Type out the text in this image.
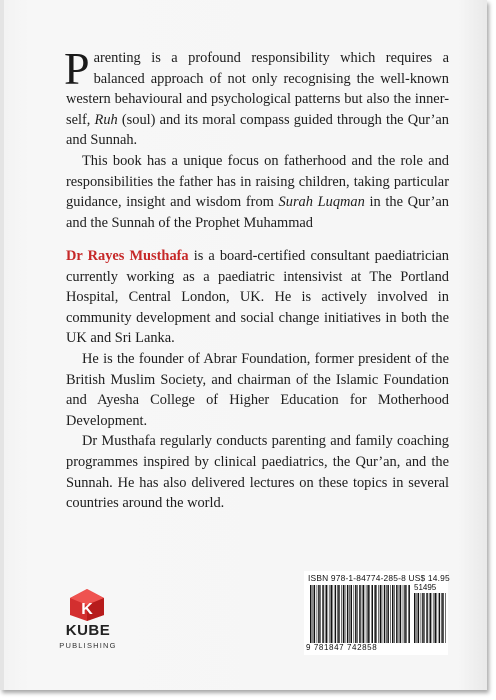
Parenting is a profound responsibility which requires a balanced approach of not only recognising the well-known western behavioural and psychological patterns but also the inner-self, Ruh (soul) and its moral compass guided through the Qur’an and Sunnah.

This book has a unique focus on fatherhood and the role and responsibilities the father has in raising children, taking particular guidance, insight and wisdom from Surah Luqman in the Qur’an and the Sunnah of the Prophet Muhammad

Dr Rayes Musthafa is a board-certified consultant paediatrician currently working as a paediatric intensivist at The Portland Hospital, Central London, UK. He is actively involved in community development and social change initiatives in both the UK and Sri Lanka.

He is the founder of Abrar Foundation, former president of the British Muslim Society, and chairman of the Islamic Foundation and Ayesha College of Higher Education for Motherhood Development.

Dr Musthafa regularly conducts parenting and family coaching programmes inspired by clinical paediatrics, the Qur’an, and the Sunnah. He has also delivered lectures on these topics in several countries around the world.

K
KUBE
PUBLISHING
ISBN 978-1-84774-285-8 US$ 14.95
51495
9 781847 742858
